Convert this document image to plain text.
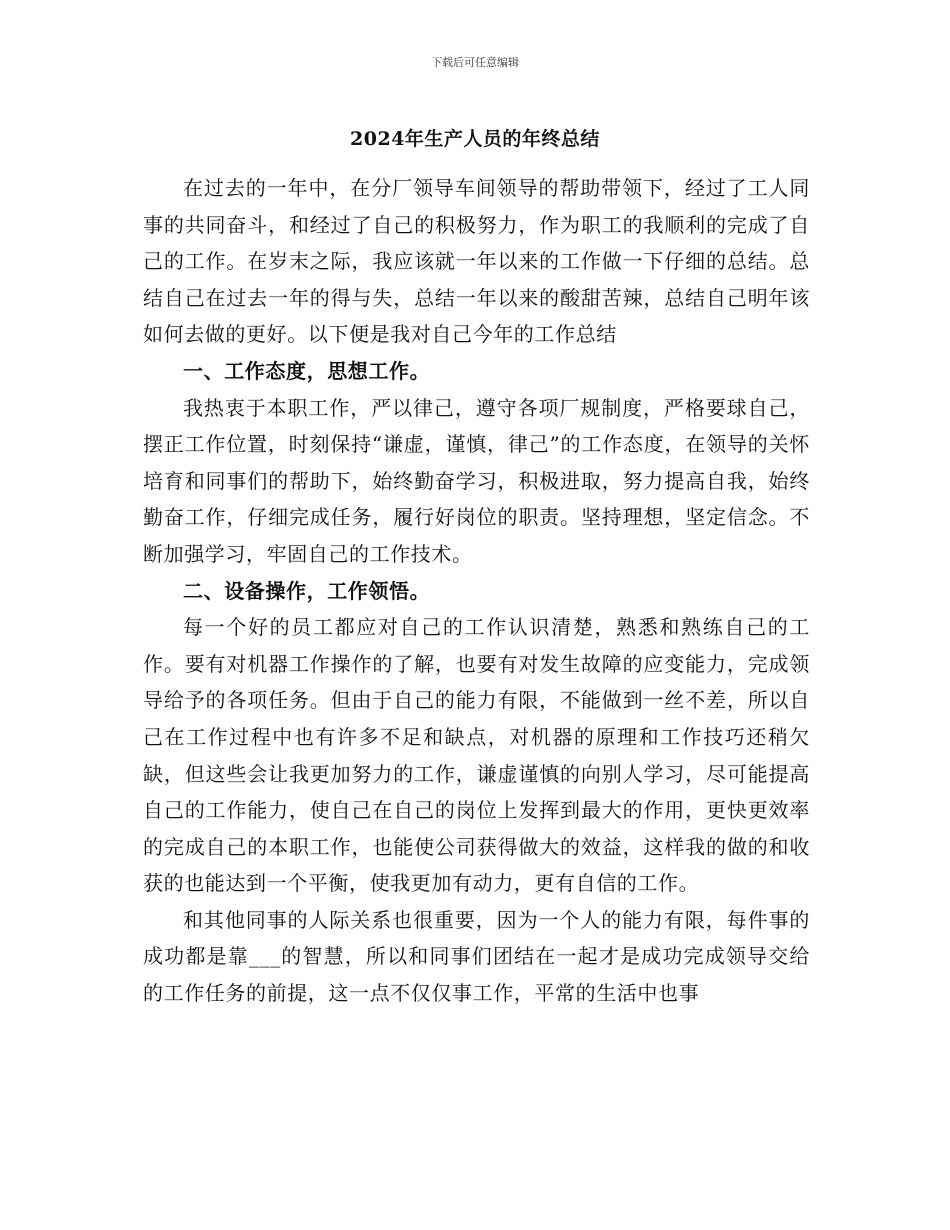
下载后可任意编辑
2024年生产人员的年终总结

在过去的一年中，在分厂领导车间领导的帮助带领下，经过了工人同事的共同奋斗，和经过了自己的积极努力，作为职工的我顺利的完成了自己的工作。在岁末之际，我应该就一年以来的工作做一下仔细的总结。总结自己在过去一年的得与失，总结一年以来的酸甜苦辣，总结自己明年该如何去做的更好。以下便是我对自己今年的工作总结

一、工作态度，思想工作。

我热衷于本职工作，严以律己，遵守各项厂规制度，严格要球自己，摆正工作位置，时刻保持“谦虚，谨慎，律己”的工作态度，在领导的关怀培育和同事们的帮助下，始终勤奋学习，积极进取，努力提高自我，始终勤奋工作，仔细完成任务，履行好岗位的职责。坚持理想，坚定信念。不断加强学习，牢固自己的工作技术。

二、设备操作，工作领悟。

每一个好的员工都应对自己的工作认识清楚，熟悉和熟练自己的工作。要有对机器工作操作的了解，也要有对发生故障的应变能力，完成领导给予的各项任务。但由于自己的能力有限，不能做到一丝不差，所以自己在工作过程中也有许多不足和缺点，对机器的原理和工作技巧还稍欠缺，但这些会让我更加努力的工作，谦虚谨慎的向别人学习，尽可能提高自己的工作能力，使自己在自己的岗位上发挥到最大的作用，更快更效率的完成自己的本职工作，也能使公司获得做大的效益，这样我的做的和收获的也能达到一个平衡，使我更加有动力，更有自信的工作。

和其他同事的人际关系也很重要，因为一个人的能力有限，每件事的成功都是靠___的智慧，所以和同事们团结在一起才是成功完成领导交给的工作任务的前提，这一点不仅仅事工作，平常的生活中也事
